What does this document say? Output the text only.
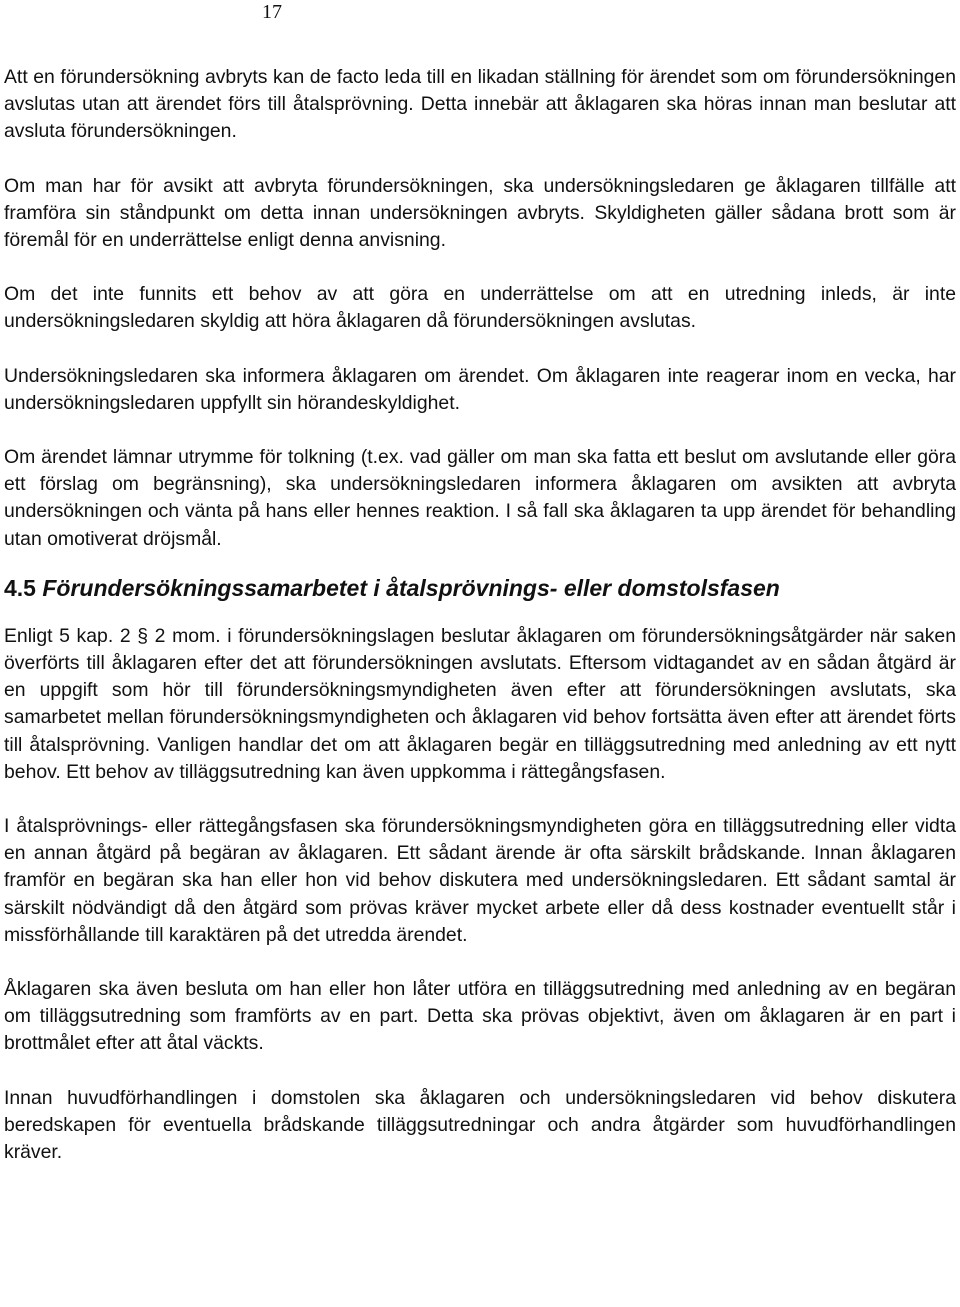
17

Att en förundersökning avbryts kan de facto leda till en likadan ställning för ärendet som om förundersökningen avslutas utan att ärendet förs till åtalsprövning. Detta innebär att åklagaren ska höras innan man beslutar att avsluta förundersökningen.

Om man har för avsikt att avbryta förundersökningen, ska undersökningsledaren ge åklagaren tillfälle att framföra sin ståndpunkt om detta innan undersökningen avbryts. Skyldigheten gäller sådana brott som är föremål för en underrättelse enligt denna anvisning.

Om det inte funnits ett behov av att göra en underrättelse om att en utredning inleds, är inte undersökningsledaren skyldig att höra åklagaren då förundersökningen avslutas.

Undersökningsledaren ska informera åklagaren om ärendet. Om åklagaren inte reagerar inom en vecka, har undersökningsledaren uppfyllt sin hörandeskyldighet.

Om ärendet lämnar utrymme för tolkning (t.ex. vad gäller om man ska fatta ett beslut om avslutande eller göra ett förslag om begränsning), ska undersökningsledaren informera åklagaren om avsikten att avbryta undersökningen och vänta på hans eller hennes reaktion. I så fall ska åklagaren ta upp ärendet för behandling utan omotiverat dröjsmål.

4.5 Förundersökningssamarbetet i åtalsprövnings- eller domstolsfasen

Enligt 5 kap. 2 § 2 mom. i förundersökningslagen beslutar åklagaren om förundersökningsåtgärder när saken överförts till åklagaren efter det att förundersökningen avslutats. Eftersom vidtagandet av en sådan åtgärd är en uppgift som hör till förundersökningsmyndigheten även efter att förundersökningen avslutats, ska samarbetet mellan förundersökningsmyndigheten och åklagaren vid behov fortsätta även efter att ärendet förts till åtalsprövning. Vanligen handlar det om att åklagaren begär en tilläggsutredning med anledning av ett nytt behov. Ett behov av tilläggsutredning kan även uppkomma i rättegångsfasen.

I åtalsprövnings- eller rättegångsfasen ska förundersökningsmyndigheten göra en tilläggsutredning eller vidta en annan åtgärd på begäran av åklagaren. Ett sådant ärende är ofta särskilt brådskande. Innan åklagaren framför en begäran ska han eller hon vid behov diskutera med undersökningsledaren. Ett sådant samtal är särskilt nödvändigt då den åtgärd som prövas kräver mycket arbete eller då dess kostnader eventuellt står i missförhållande till karaktären på det utredda ärendet.

Åklagaren ska även besluta om han eller hon låter utföra en tilläggsutredning med anledning av en begäran om tilläggsutredning som framförts av en part. Detta ska prövas objektivt, även om åklagaren är en part i brottmålet efter att åtal väckts.

Innan huvudförhandlingen i domstolen ska åklagaren och undersökningsledaren vid behov diskutera beredskapen för eventuella brådskande tilläggsutredningar och andra åtgärder som huvudförhandlingen kräver.
